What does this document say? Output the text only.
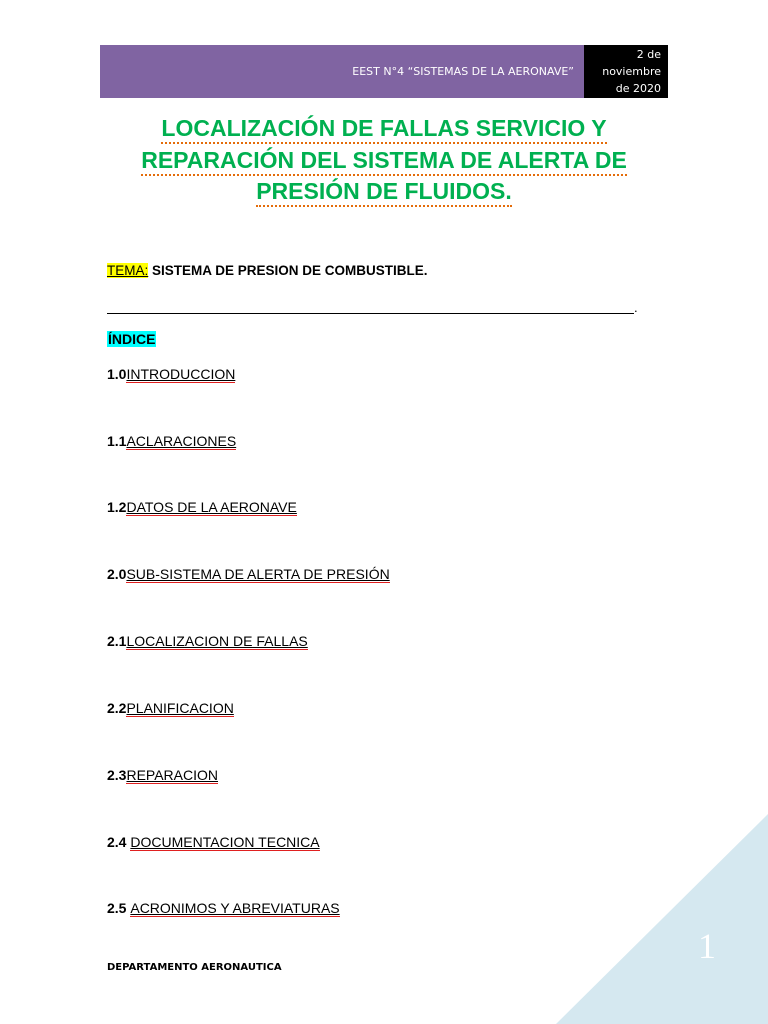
EEST N°4 “SISTEMAS DE LA AERONAVE”
2 de
noviembre
de 2020
LOCALIZACIÓN DE FALLAS SERVICIO Y
REPARACIÓN DEL SISTEMA DE ALERTA DE
PRESIÓN DE FLUIDOS.
TEMA: SISTEMA DE PRESION DE COMBUSTIBLE.
.
ÍNDICE
1.0INTRODUCCION
1.1ACLARACIONES
1.2DATOS DE LA AERONAVE
2.0SUB-SISTEMA DE ALERTA DE PRESIÓN
2.1LOCALIZACION DE FALLAS
2.2PLANIFICACION
2.3REPARACION
2.4 DOCUMENTACION TECNICA
2.5 ACRONIMOS Y ABREVIATURAS
DEPARTAMENTO AERONAUTICA
1
